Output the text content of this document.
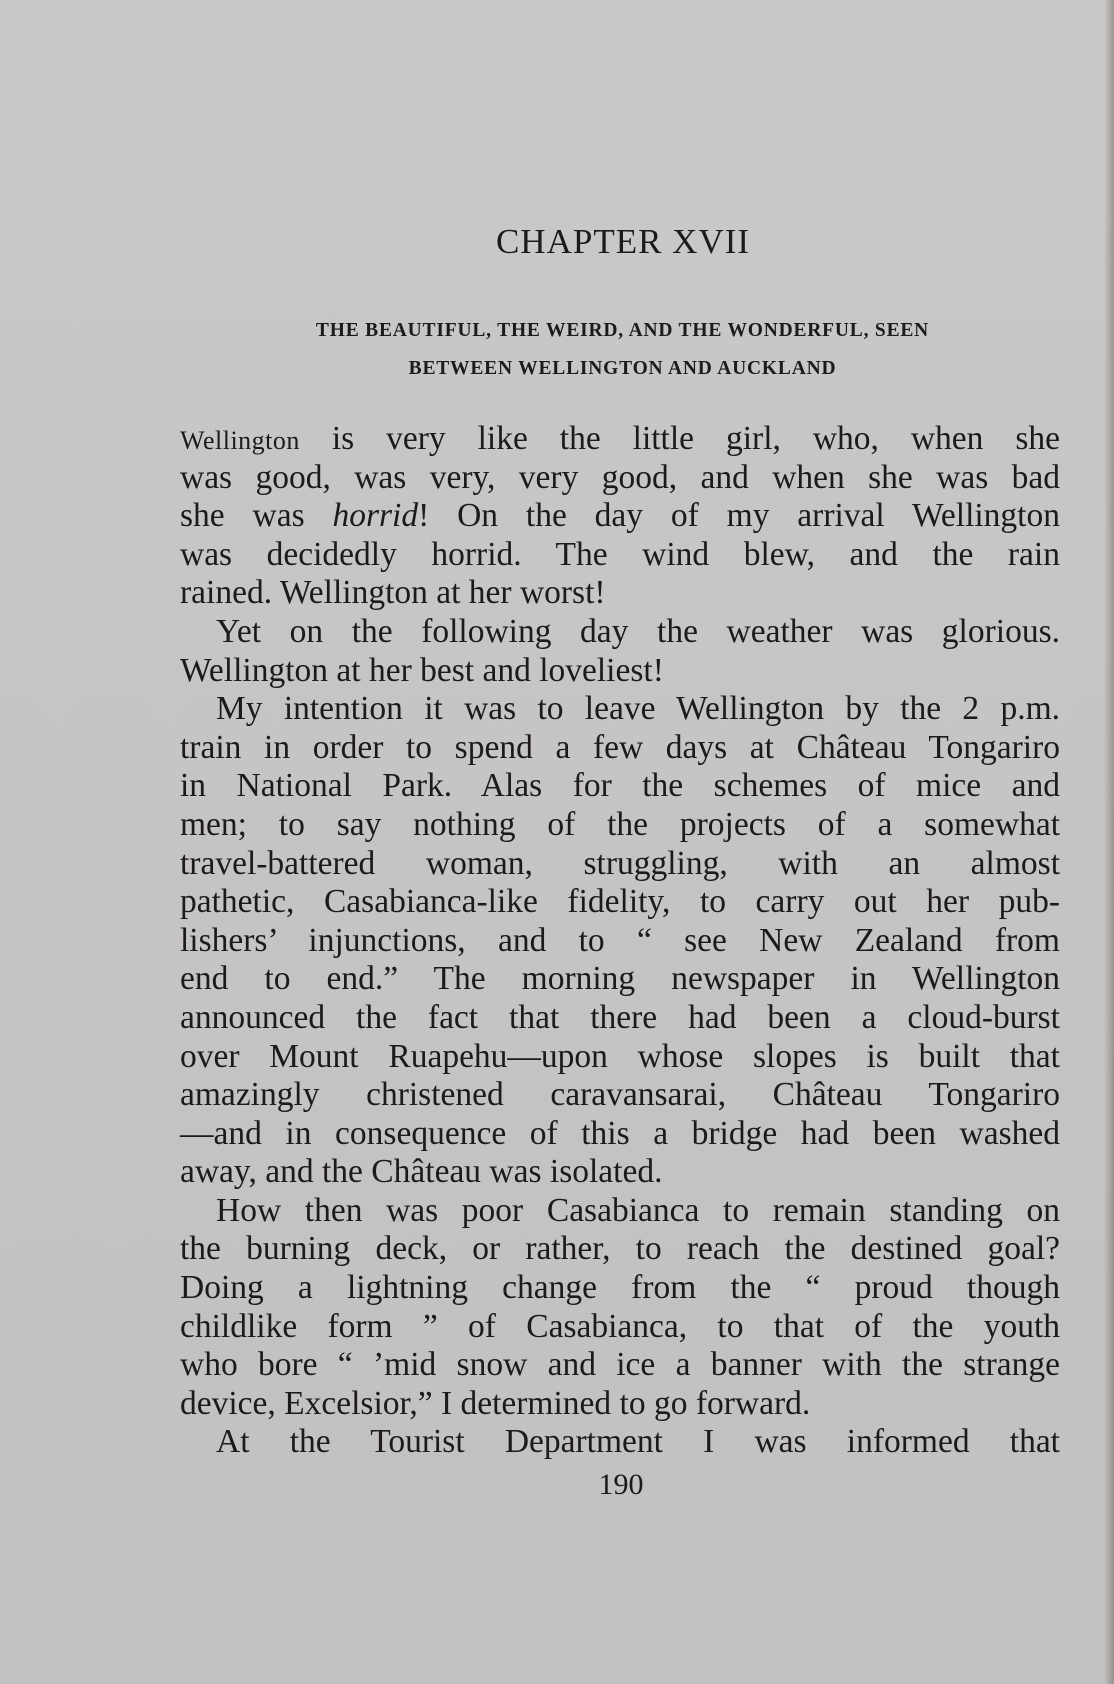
CHAPTER XVII
THE BEAUTIFUL, THE WEIRD, AND THE WONDERFUL, SEEN
BETWEEN WELLINGTON AND AUCKLAND
Wellington is very like the little girl, who, when she
was good, was very, very good, and when she was bad
she was horrid! On the day of my arrival Wellington
was decidedly horrid. The wind blew, and the rain
rained. Wellington at her worst!
Yet on the following day the weather was glorious.
Wellington at her best and loveliest!
My intention it was to leave Wellington by the 2 p.m.
train in order to spend a few days at Château Tongariro
in National Park. Alas for the schemes of mice and
men; to say nothing of the projects of a somewhat
travel-battered woman, struggling, with an almost
pathetic, Casabianca-like fidelity, to carry out her pub-
lishers’ injunctions, and to “ see New Zealand from
end to end.” The morning newspaper in Wellington
announced the fact that there had been a cloud-burst
over Mount Ruapehu—upon whose slopes is built that
amazingly christened caravansarai, Château Tongariro
—and in consequence of this a bridge had been washed
away, and the Château was isolated.
How then was poor Casabianca to remain standing on
the burning deck, or rather, to reach the destined goal?
Doing a lightning change from the “ proud though
childlike form ” of Casabianca, to that of the youth
who bore “ ’mid snow and ice a banner with the strange
device, Excelsior,” I determined to go forward.
At the Tourist Department I was informed that
190
